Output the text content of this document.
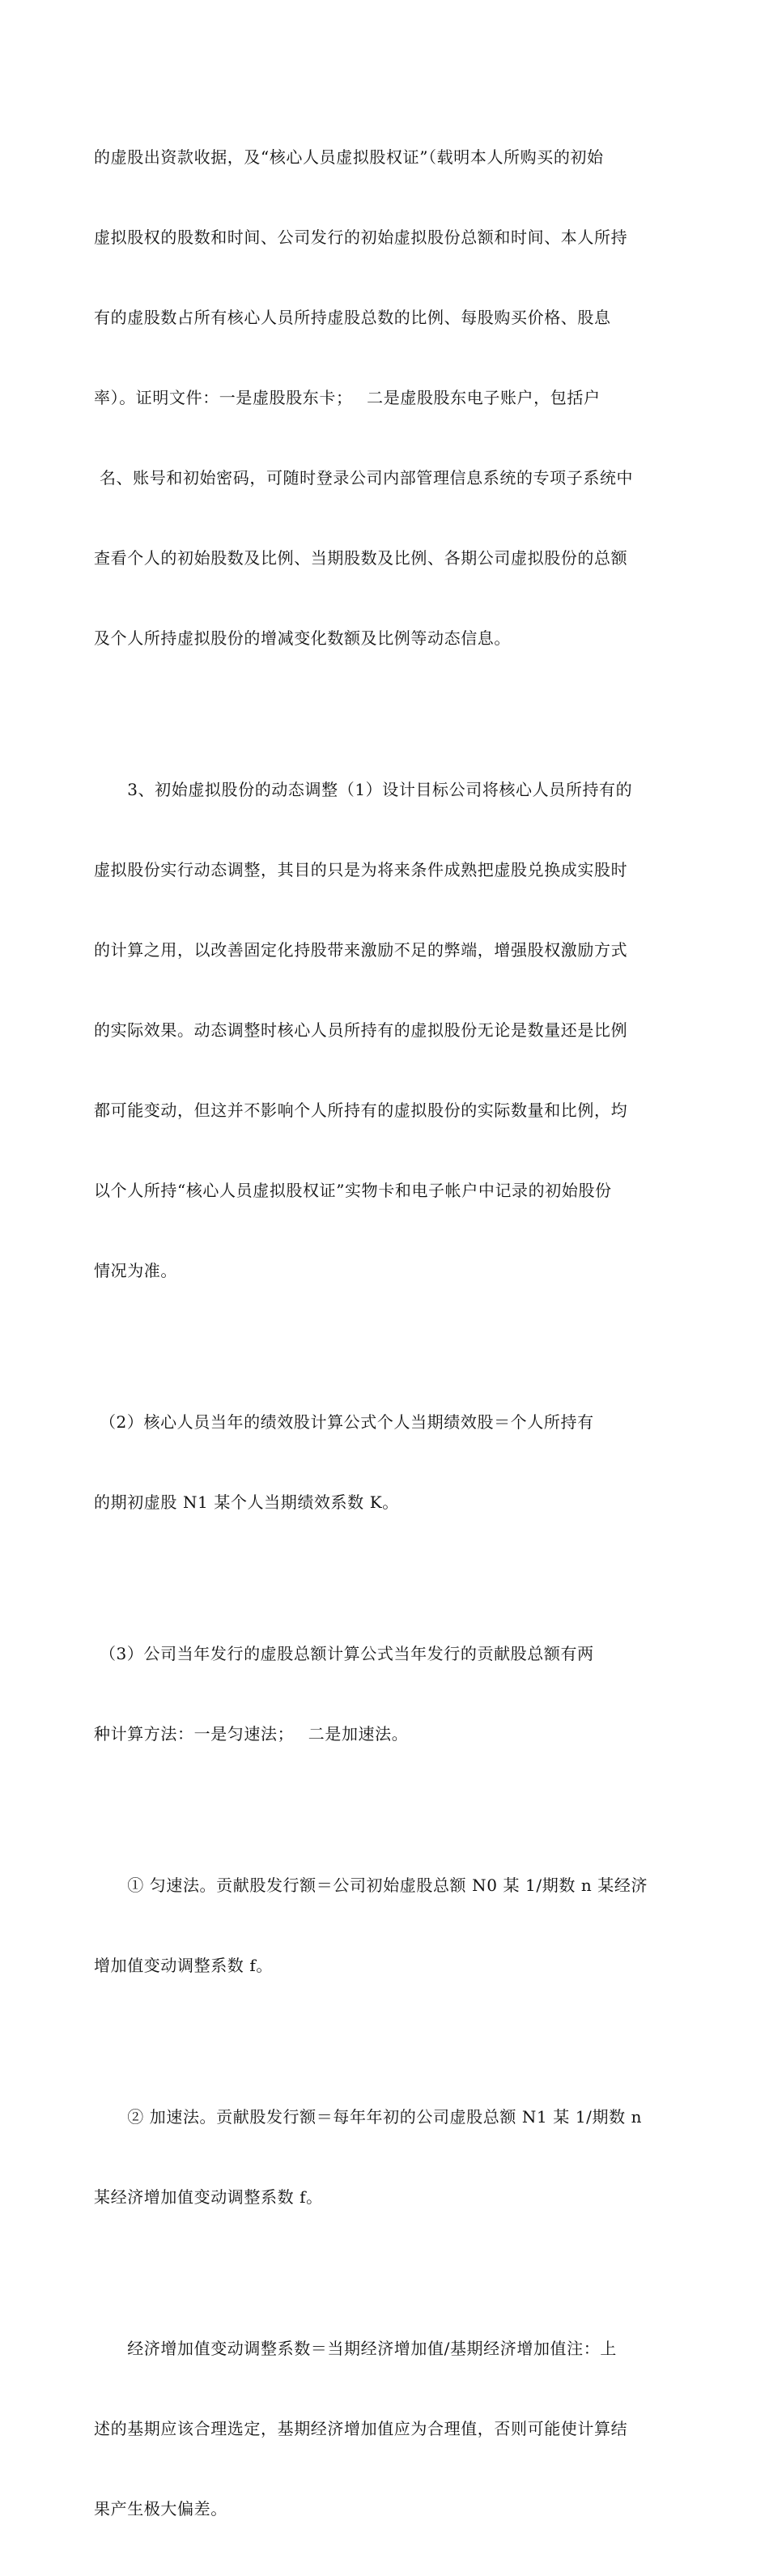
的虚股出资款收据，及“核心人员虚拟股权证”（载明本人所购买的初始

虚拟股权的股数和时间、公司发行的初始虚拟股份总额和时间、本人所持

有的虚股数占所有核心人员所持虚股总数的比例、每股购买价格、股息

率）。证明文件：一是虚股股东卡；　 二是虚股股东电子账户，包括户

名、账号和初始密码，可随时登录公司内部管理信息系统的专项子系统中

查看个人的初始股数及比例、当期股数及比例、各期公司虚拟股份的总额

及个人所持虚拟股份的增减变化数额及比例等动态信息。

　　3、初始虚拟股份的动态调整（1）设计目标公司将核心人员所持有的

虚拟股份实行动态调整，其目的只是为将来条件成熟把虚股兑换成实股时

的计算之用，以改善固定化持股带来激励不足的弊端，增强股权激励方式

的实际效果。动态调整时核心人员所持有的虚拟股份无论是数量还是比例

都可能变动，但这并不影响个人所持有的虚拟股份的实际数量和比例，均

以个人所持“核心人员虚拟股权证”实物卡和电子帐户中记录的初始股份

情况为准。

（2）核心人员当年的绩效股计算公式个人当期绩效股＝个人所持有

的期初虚股 N1 某个人当期绩效系数 K。

（3）公司当年发行的虚股总额计算公式当年发行的贡献股总额有两

种计算方法：一是匀速法；　 二是加速法。

　　① 匀速法。贡献股发行额＝公司初始虚股总额 N0 某 1/期数 n 某经济

增加值变动调整系数 f。

　　② 加速法。贡献股发行额＝每年年初的公司虚股总额 N1 某 1/期数 n

某经济增加值变动调整系数 f。

　　经济增加值变动调整系数＝当期经济增加值/基期经济增加值注：上

述的基期应该合理选定，基期经济增加值应为合理值，否则可能使计算结

果产生极大偏差。
